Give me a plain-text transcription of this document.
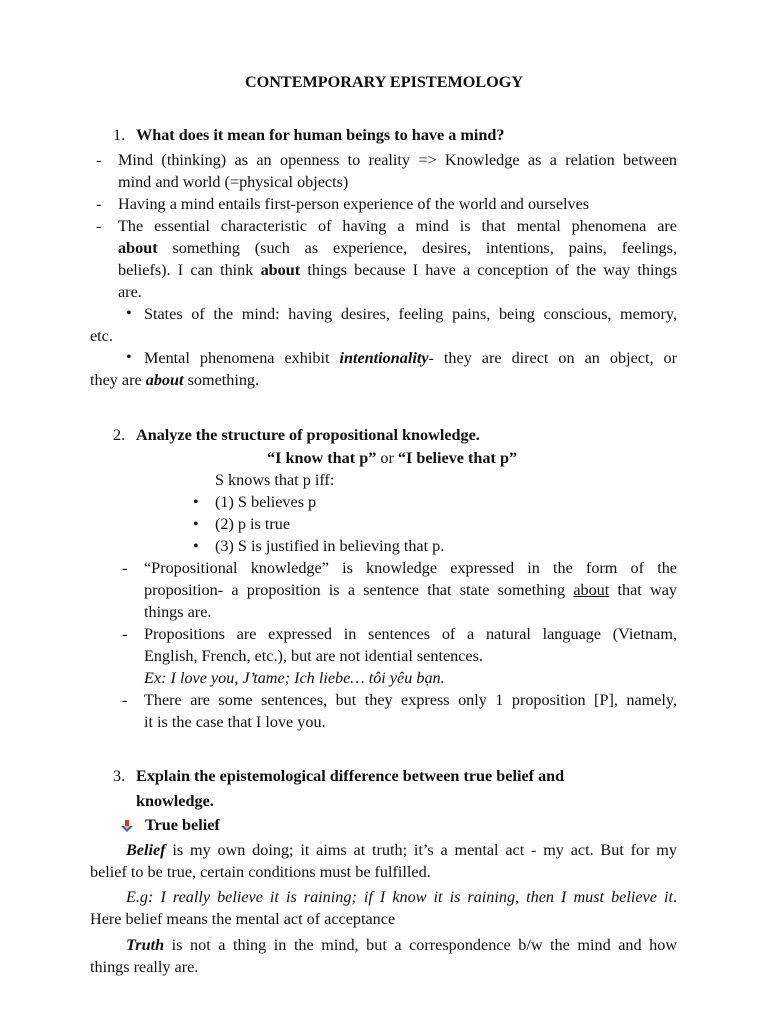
CONTEMPORARY EPISTEMOLOGY
1. What does it mean for human beings to have a mind?
- Mind (thinking) as an openness to reality => Knowledge as a relation between
mind and world (=physical objects)
- Having a mind entails first-person experience of the world and ourselves
- The essential characteristic of having a mind is that mental phenomena are
about something (such as experience, desires, intentions, pains, feelings,
beliefs). I can think about things because I have a conception of the way things
are.
• States of the mind: having desires, feeling pains, being conscious, memory,
etc.
• Mental phenomena exhibit intentionality- they are direct on an object, or
they are about something.
2. Analyze the structure of propositional knowledge.
“I know that p” or “I believe that p”
S knows that p iff:
• (1) S believes p
• (2) p is true
• (3) S is justified in believing that p.
- “Propositional knowledge” is knowledge expressed in the form of the
proposition- a proposition is a sentence that state something about that way
things are.
- Propositions are expressed in sentences of a natural language (Vietnam,
English, French, etc.), but are not idential sentences.
Ex: I love you, J’tame; Ich liebe… tôi yêu bạn.
- There are some sentences, but they express only 1 proposition [P], namely,
it is the case that I love you.
3. Explain the epistemological difference between true belief and
knowledge.
True belief
Belief is my own doing; it aims at truth; it’s a mental act - my act. But for my
belief to be true, certain conditions must be fulfilled.
E.g: I really believe it is raining; if I know it is raining, then I must believe it.
Here belief means the mental act of acceptance
Truth is not a thing in the mind, but a correspondence b/w the mind and how
things really are.
